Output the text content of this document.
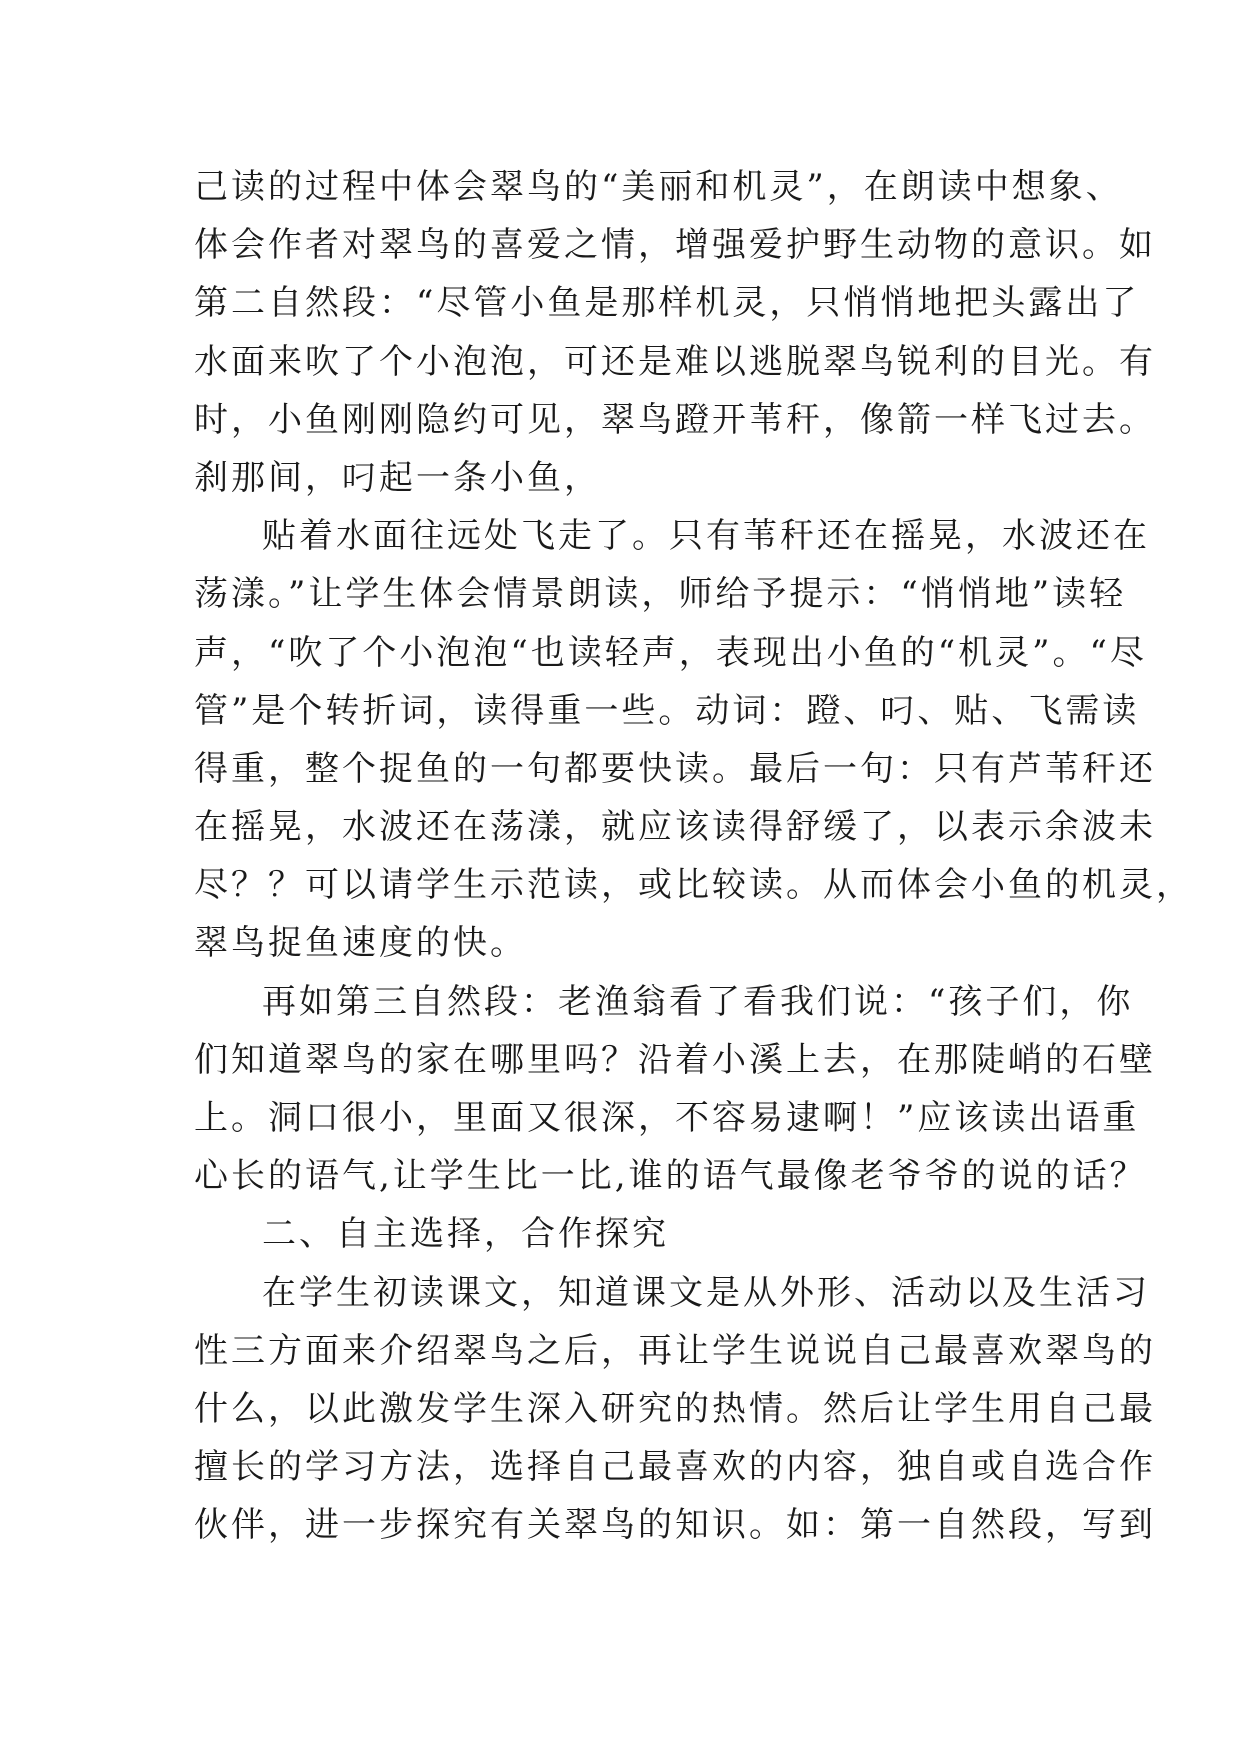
己读的过程中体会翠鸟的“美丽和机灵”，在朗读中想象、
体会作者对翠鸟的喜爱之情，增强爱护野生动物的意识。如
第二自然段：“尽管小鱼是那样机灵，只悄悄地把头露出了
水面来吹了个小泡泡，可还是难以逃脱翠鸟锐利的目光。有
时，小鱼刚刚隐约可见，翠鸟蹬开苇秆，像箭一样飞过去。
刹那间，叼起一条小鱼，
贴着水面往远处飞走了。只有苇秆还在摇晃，水波还在
荡漾。”让学生体会情景朗读，师给予提示：“悄悄地”读轻
声，“吹了个小泡泡“也读轻声，表现出小鱼的“机灵”。“尽
管”是个转折词，读得重一些。动词：蹬、叼、贴、飞需读
得重，整个捉鱼的一句都要快读。最后一句：只有芦苇秆还
在摇晃，水波还在荡漾，就应该读得舒缓了，以表示余波未
尽？？可以请学生示范读，或比较读。从而体会小鱼的机灵，
翠鸟捉鱼速度的快。
再如第三自然段：老渔翁看了看我们说：“孩子们，你
们知道翠鸟的家在哪里吗？沿着小溪上去，在那陡峭的石壁
上。洞口很小，里面又很深，不容易逮啊！”应该读出语重
心长的语气,让学生比一比,谁的语气最像老爷爷的说的话？
二、自主选择，合作探究
在学生初读课文，知道课文是从外形、活动以及生活习
性三方面来介绍翠鸟之后，再让学生说说自己最喜欢翠鸟的
什么，以此激发学生深入研究的热情。然后让学生用自己最
擅长的学习方法，选择自己最喜欢的内容，独自或自选合作
伙伴，进一步探究有关翠鸟的知识。如：第一自然段，写到
